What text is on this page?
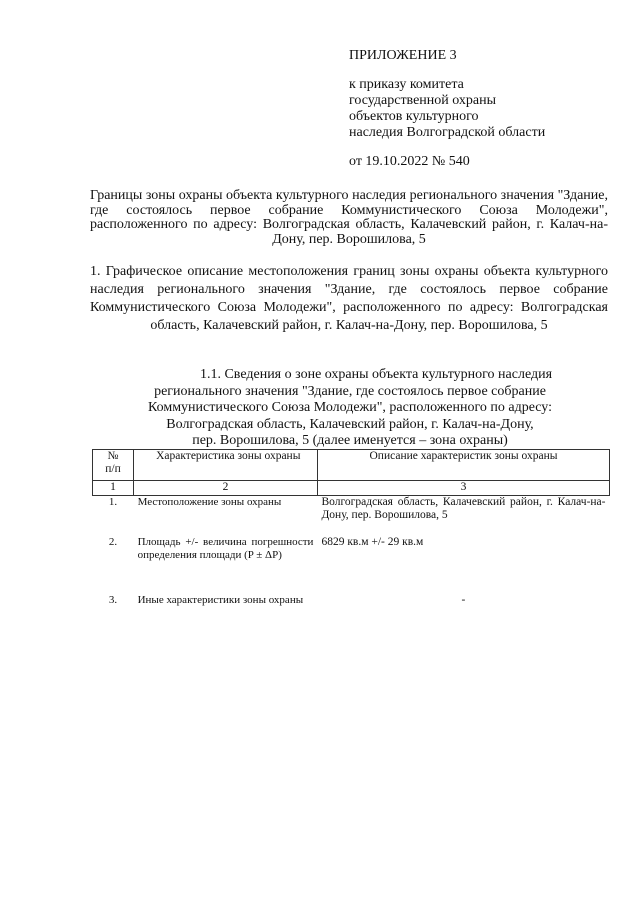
ПРИЛОЖЕНИЕ 3
к приказу комитета
государственной охраны
объектов культурного
наследия Волгоградской области
от 19.10.2022 № 540
Границы зоны охраны объекта культурного наследия регионального значения "Здание, где состоялось первое собрание Коммунистического Союза Молодежи", расположенного по адресу: Волгоградская область, Калачевский район, г. Калач-на-Дону, пер. Ворошилова, 5
1. Графическое описание местоположения границ зоны охраны объекта культурного наследия регионального значения "Здание, где состоялось первое собрание Коммунистического Союза Молодежи", расположенного по адресу: Волгоградская область, Калачевский район, г. Калач-на-Дону, пер. Ворошилова, 5
1.1. Сведения о зоне охраны объекта культурного наследия
регионального значения "Здание, где состоялось первое собрание
Коммунистического Союза Молодежи", расположенного по адресу:
Волгоградская область, Калачевский район, г. Калач-на-Дону,
пер. Ворошилова, 5 (далее именуется – зона охраны)
№
п/п	Характеристика зоны охраны	Описание характеристик зоны охраны
1	2	3
1.	Местоположение зоны охраны	Волгоградская область, Калачевский район, г. Калач-на-Дону, пер. Ворошилова, 5
2.	Площадь +/- величина погрешности определения площади (P ± ΔP)	6829 кв.м +/- 29 кв.м
3.	Иные характеристики зоны охраны	-
